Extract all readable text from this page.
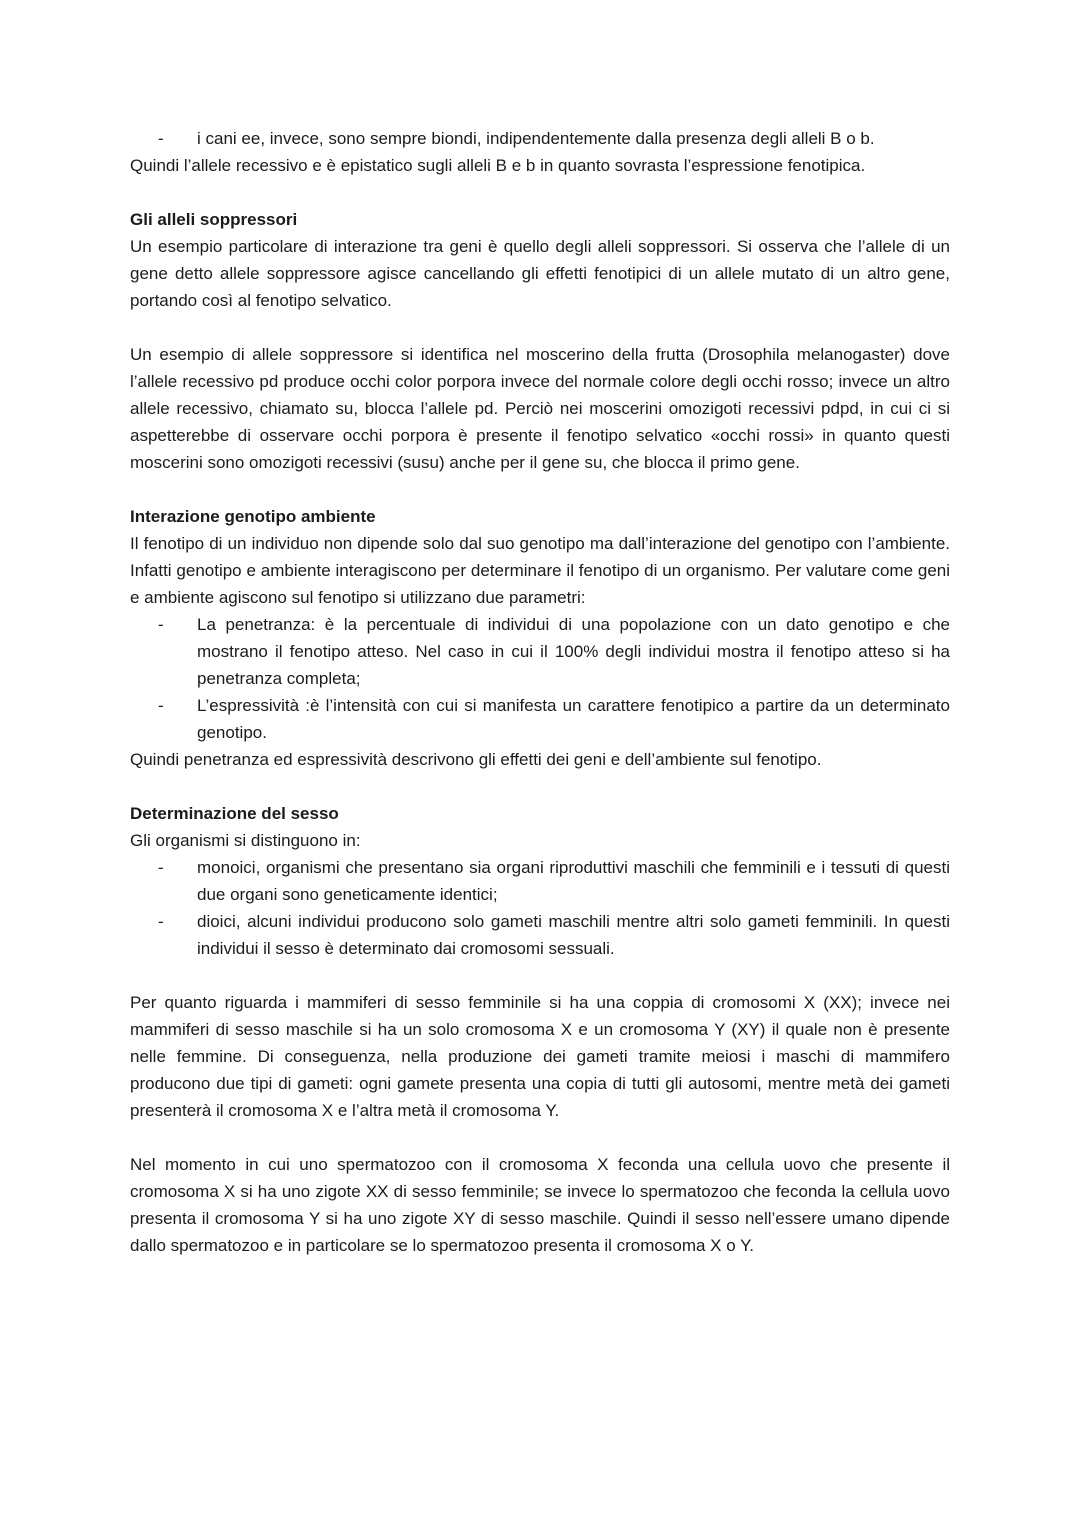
- i cani ee, invece, sono sempre biondi, indipendentemente dalla presenza degli alleli B o b.

Quindi l’allele recessivo e è epistatico sugli alleli B e b in quanto sovrasta l’espressione fenotipica.

Gli alleli soppressori

Un esempio particolare di interazione tra geni è quello degli alleli soppressori. Si osserva che l’allele di un gene detto allele soppressore agisce cancellando gli effetti fenotipici di un allele mutato di un altro gene, portando così al fenotipo selvatico.

Un esempio di allele soppressore si identifica nel moscerino della frutta (Drosophila melanogaster) dove l’allele recessivo pd produce occhi color porpora invece del normale colore degli occhi rosso; invece un altro allele recessivo, chiamato su, blocca l’allele pd. Perciò nei moscerini omozigoti recessivi pdpd, in cui ci si aspetterebbe di osservare occhi porpora è presente il fenotipo selvatico «occhi rossi» in quanto questi moscerini sono omozigoti recessivi (susu) anche per il gene su, che blocca il primo gene.

Interazione genotipo ambiente

Il fenotipo di un individuo non dipende solo dal suo genotipo ma dall’interazione del genotipo con l’ambiente. Infatti genotipo e ambiente interagiscono per determinare il fenotipo di un organismo. Per valutare come geni e ambiente agiscono sul fenotipo si utilizzano due parametri:

- La penetranza: è la percentuale di individui di una popolazione con un dato genotipo e che mostrano il fenotipo atteso. Nel caso in cui il 100% degli individui mostra il fenotipo atteso si ha penetranza completa;
- L’espressività :è l’intensità con cui si manifesta un carattere fenotipico a partire da un determinato genotipo.

Quindi penetranza ed espressività descrivono gli effetti dei geni e dell’ambiente sul fenotipo.

Determinazione del sesso

Gli organismi si distinguono in:

- monoici, organismi che presentano sia organi riproduttivi maschili che femminili e i tessuti di questi due organi sono geneticamente identici;
- dioici, alcuni individui producono solo gameti maschili mentre altri solo gameti femminili. In questi individui il sesso è determinato dai cromosomi sessuali.

Per quanto riguarda i mammiferi di sesso femminile si ha una coppia di cromosomi X (XX); invece nei mammiferi di sesso maschile si ha un solo cromosoma X e un cromosoma Y (XY) il quale non è presente nelle femmine. Di conseguenza, nella produzione dei gameti tramite meiosi i maschi di mammifero producono due tipi di gameti: ogni gamete presenta una copia di tutti gli autosomi, mentre metà dei gameti presenterà il cromosoma X e l’altra metà il cromosoma Y.

Nel momento in cui uno spermatozoo con il cromosoma X feconda una cellula uovo che presente il cromosoma X si ha uno zigote XX di sesso femminile; se invece lo spermatozoo che feconda la cellula uovo presenta il cromosoma Y si ha uno zigote XY di sesso maschile. Quindi il sesso nell’essere umano dipende dallo spermatozoo e in particolare se lo spermatozoo presenta il cromosoma X o Y.
